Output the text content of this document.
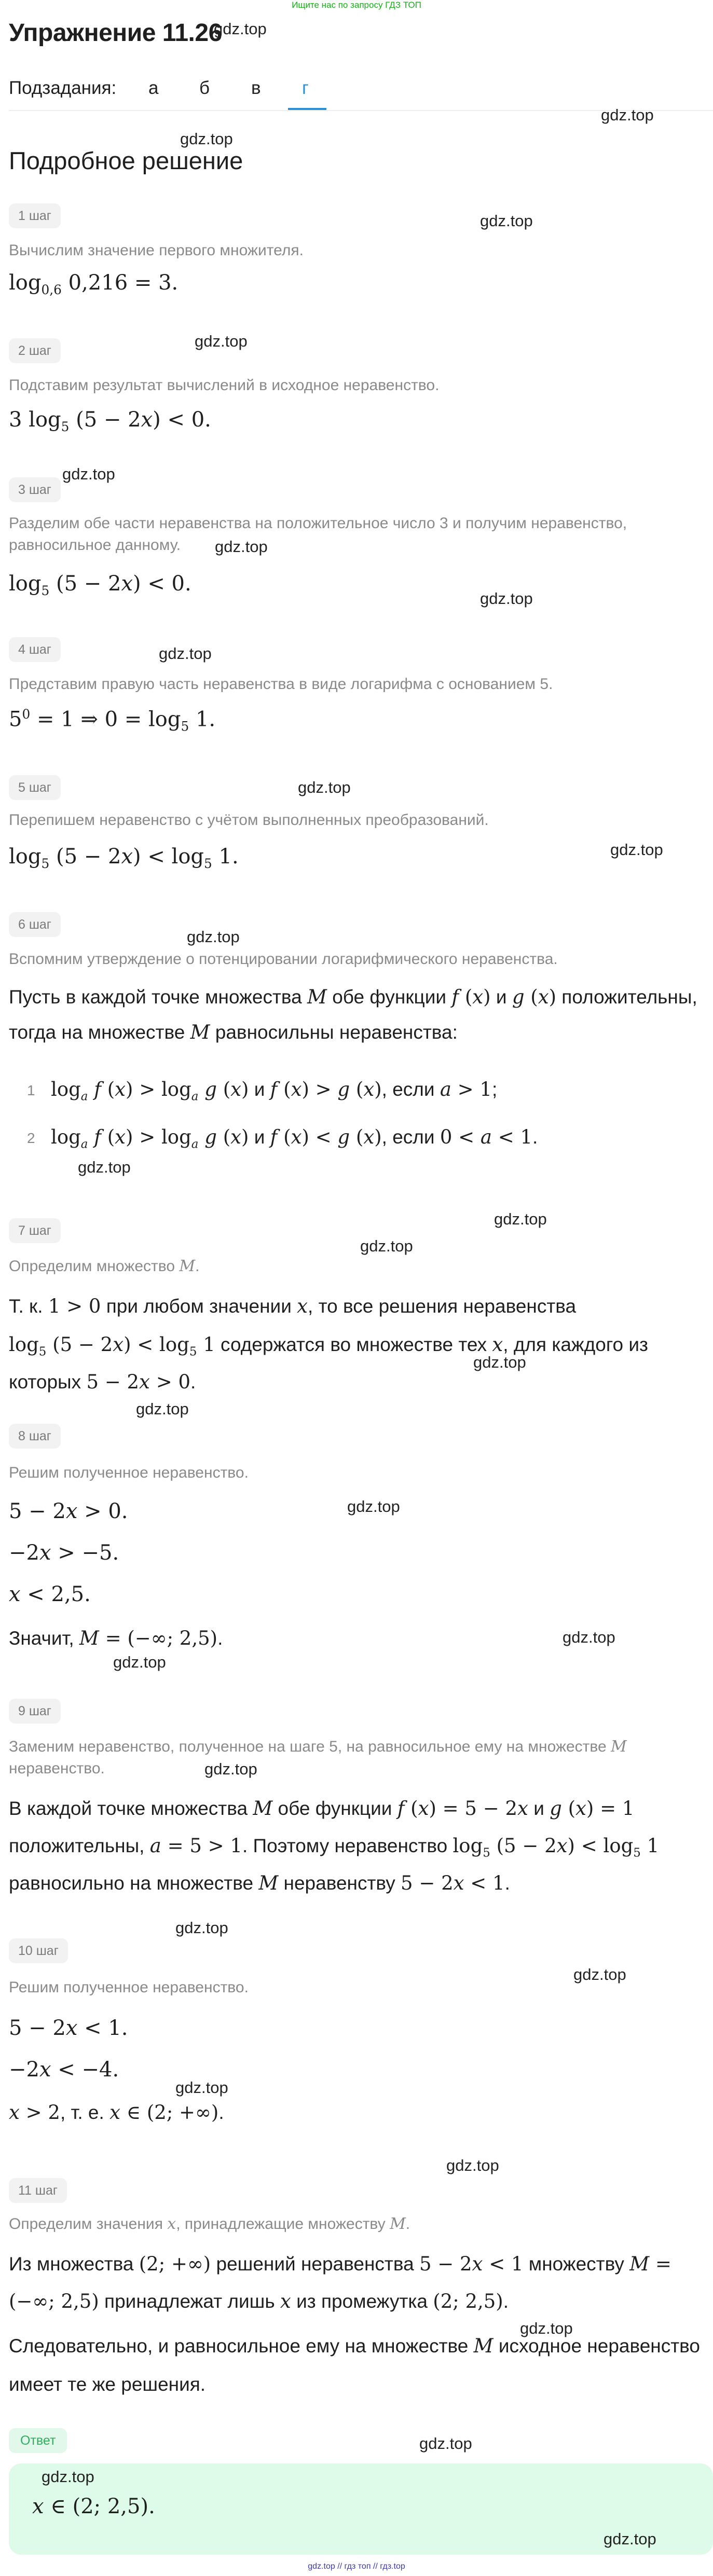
Ищите нас по запросу ГДЗ ТОП
Упражнение 11.26
gdz.top
Подзадания: а б в г
gdz.top
gdz.top
Подробное решение
1 шаг	gdz.top
Вычислим значение первого множителя.
$\log_{0,6} 0,216 = 3$.
gdz.top
2 шаг
Подставим результат вычислений в исходное неравенство.
3 $\log_5 (5 - 2x) < 0$.
gdz.top
3 шаг
Разделим обе части неравенства на положительное число 3 и получим неравенство,
равносильное данному. gdz.top
$\log_5 (5 - 2x) < 0$.
gdz.top
4 шаг	gdz.top
Представим правую часть неравенства в виде логарифма с основанием 5.
$5^0 = 1$ ⇒ $0 = \log_5 1$.
5 шаг	gdz.top
Перепишем неравенство с учётом выполненных преобразований.
gdz.top
$\log_5 (5 - 2x) < \log_5 1$.
6 шаг
gdz.top
Вспомним утверждение о потенцировании логарифмического неравенства.
Пусть в каждой точке множества M обе функции f (x) и g (x) положительны,
тогда на множестве M равносильны неравенства:
1 $\log_a f$ $(x) > \log_a g$ (x) и f (x) > g (x), если a > 1;
2 $\log_a f$ $(x) > \log_a g$ (x) и f (x) < g (x), если 0 < a < 1.
gdz.top
gdz.top
7 шаг
gdz.top
Определим множество M.
Т. к. 1 > 0 при любом значении x, то все решения неравенства
$\log_5 (5 - 2x) < \log_5 1$ содержатся во множестве тех x, для каждого из
gdz.top
которых 5 − 2x > 0.
gdz.top
8 шаг
Решим полученное неравенство.
gdz.top
5 − 2x > 0.
−2x > −5.
x < 2,5.
Значит, M = (−∞; 2,5).	gdz.top
gdz.top
9 шаг
Заменим неравенство, полученное на шаге 5, на равносильное ему на множестве M
неравенство.	gdz.top
В каждой точке множества M обе функции f (x) = 5 − 2x и g (x) = 1
положительны, a = 5 > 1. Поэтому неравенство $\log_5 (5 - 2x) < \log_5 1$
равносильно на множестве M неравенству 5 − 2x < 1.
gdz.top
10 шаг
gdz.top
Решим полученное неравенство.
5 − 2x < 1.
−2x < −4.
gdz.top
x > 2, т. е. x ∈ (2; +∞).
gdz.top
11 шаг
Определим значения x, принадлежащие множеству M.
Из множества (2; +∞) решений неравенства 5 − 2x < 1 множеству M =
(−∞; 2,5) принадлежат лишь x из промежутка (2; 2,5).
gdz.top
Следовательно, и равносильное ему на множестве M исходное неравенство
имеет те же решения.
Ответ	gdz.top
gdz.top
x ∈ (2; 2,5).
gdz.top
gdz.top // гдз топ // гдз.top
